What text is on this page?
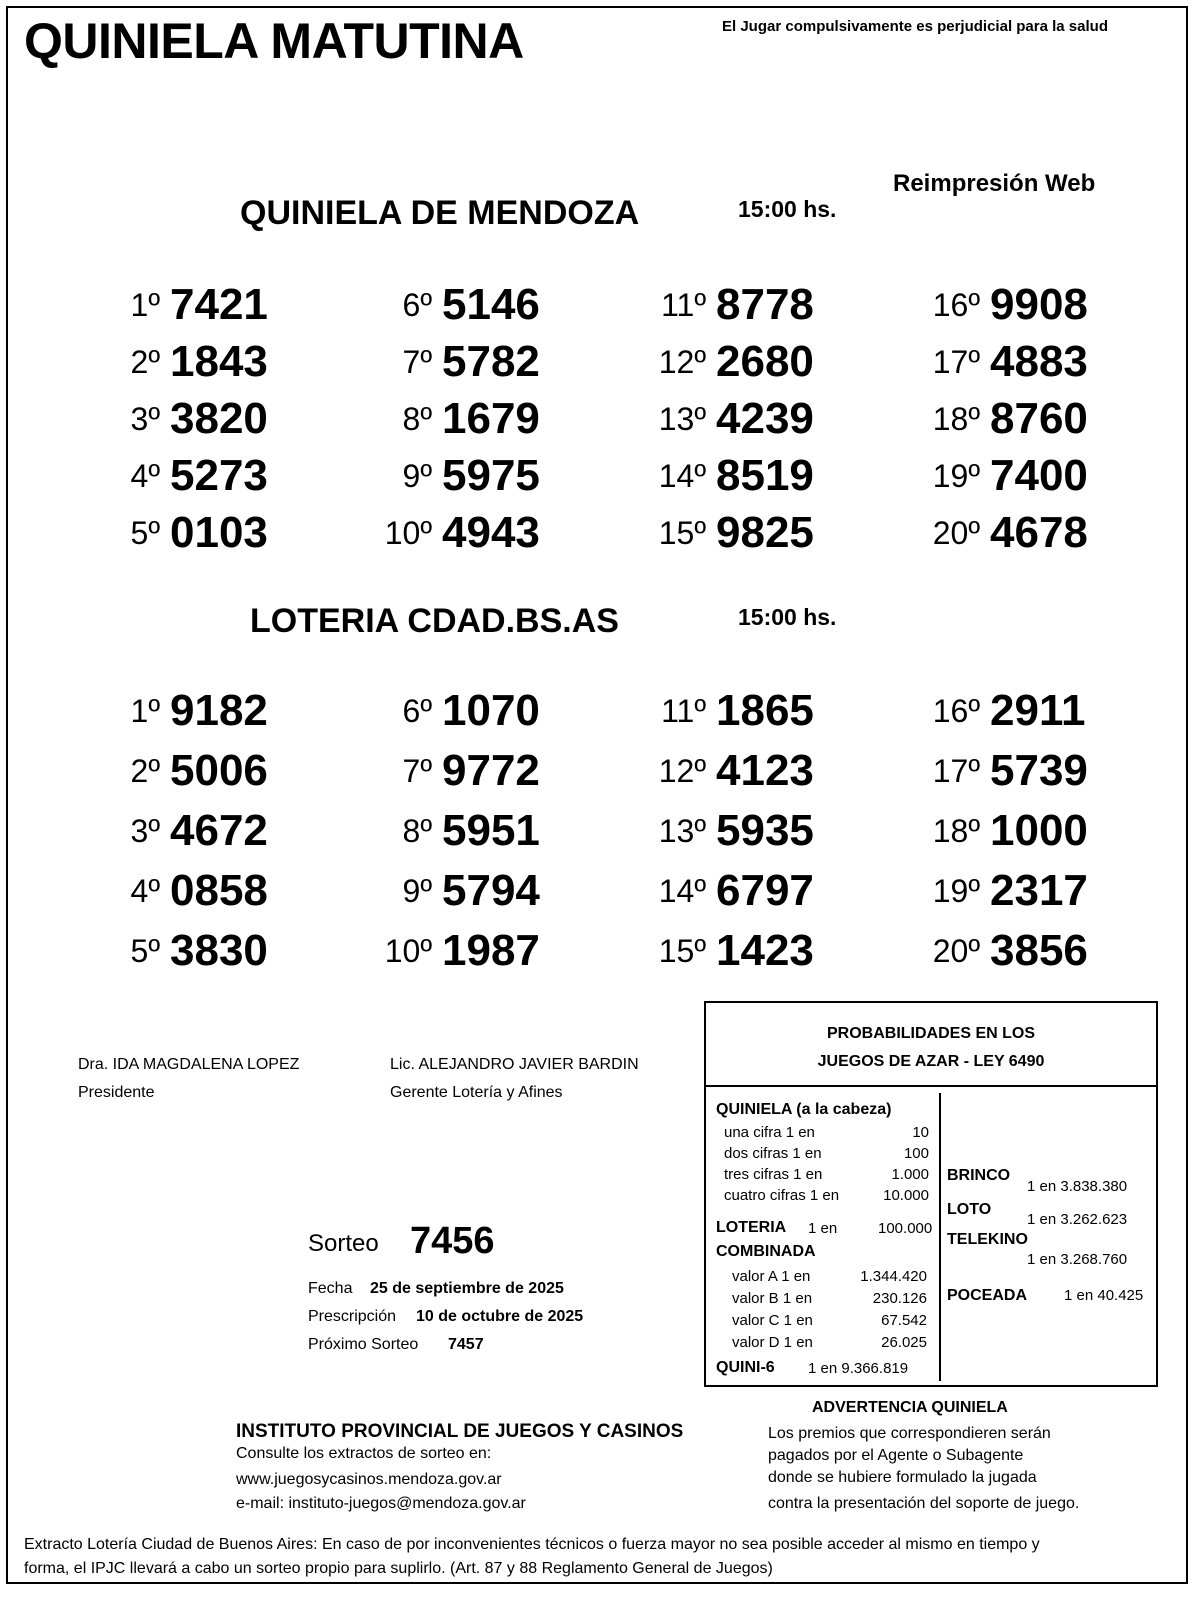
QUINIELA MATUTINA	El Jugar compulsivamente es perjudicial para la salud
Reimpresión Web
QUINIELA DE MENDOZA	15:00 hs.
1º 7421
2º 1843
3º 3820
4º 5273
5º 0103
6º 5146
7º 5782
8º 1679
9º 5975
10º 4943
11º 8778
12º 2680
13º 4239
14º 8519
15º 9825
16º 9908
17º 4883
18º 8760
19º 7400
20º 4678
LOTERIA CDAD.BS.AS	15:00 hs.
1º 9182
2º 5006
3º 4672
4º 0858
5º 3830
6º 1070
7º 9772
8º 5951
9º 5794
10º 1987
11º 1865
12º 4123
13º 5935
14º 6797
15º 1423
16º 2911
17º 5739
18º 1000
19º 2317
20º 3856
Dra. IDA MAGDALENA LOPEZ
Presidente
Lic. ALEJANDRO JAVIER BARDIN
Gerente Lotería y Afines
Sorteo 7456
Fecha 25 de septiembre de 2025
Prescripción 10 de octubre de 2025
Próximo Sorteo 7457
PROBABILIDADES EN LOS
JUEGOS DE AZAR - LEY 6490
QUINIELA (a la cabeza)
una cifra 1 en	10
dos cifras 1 en	100
tres cifras 1 en	1.000
cuatro cifras 1 en	10.000
LOTERIA 1 en	100.000
COMBINADA
valor A 1 en	1.344.420
valor B 1 en	230.126
valor C 1 en	67.542
valor D 1 en	26.025
QUINI-6 1 en 9.366.819
BRINCO
1 en 3.838.380
LOTO
1 en 3.262.623
TELEKINO
1 en 3.268.760
POCEADA 1 en 40.425
ADVERTENCIA QUINIELA
Los premios que correspondieren serán
pagados por el Agente o Subagente
donde se hubiere formulado la jugada
contra la presentación del soporte de juego.
INSTITUTO PROVINCIAL DE JUEGOS Y CASINOS
Consulte los extractos de sorteo en:
www.juegosycasinos.mendoza.gov.ar
e-mail: instituto-juegos@mendoza.gov.ar
Extracto Lotería Ciudad de Buenos Aires: En caso de por inconvenientes técnicos o fuerza mayor no sea posible acceder al mismo en tiempo y
forma, el IPJC llevará a cabo un sorteo propio para suplirlo. (Art. 87 y 88 Reglamento General de Juegos)
